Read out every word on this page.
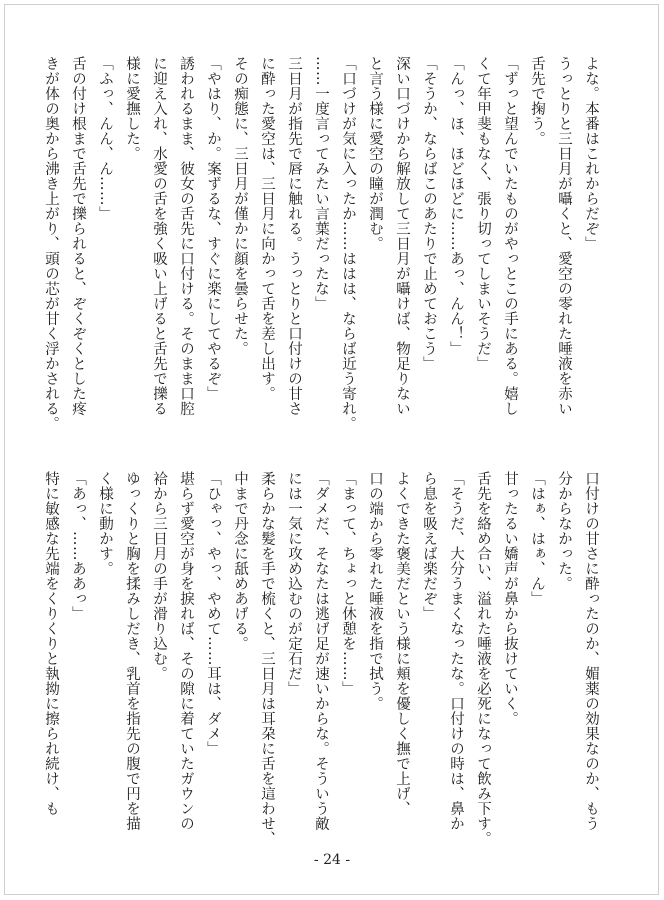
よな。本番はこれからだぞ」
うっとりと三日月が囁くと、愛空の零れた唾液を赤い
舌先で掬う。
「ずっと望んでいたものがやっとこの手にある。嬉し
くて年甲斐もなく、張り切ってしまいそうだ」
「んっ、ほ、ほどほどに……あっ、んん！」
「そうか、ならばこのあたりで止めておこう」
深い口づけから解放して三日月が囁けば、物足りない
と言う様に愛空の瞳が潤む。
「口づけが気に入ったか……ははは、ならば近う寄れ。
……一度言ってみたい言葉だったな」
三日月が指先で唇に触れる。うっとりと口付けの甘さ
に酔った愛空は、三日月に向かって舌を差し出す。
その痴態に、三日月が僅かに顔を曇らせた。
「やはり、か。案ずるな、すぐに楽にしてやるぞ」
誘われるまま、彼女の舌先に口付ける。そのまま口腔
に迎え入れ、水愛の舌を強く吸い上げると舌先で擽る
様に愛撫した。
「ふっ、んん、ん……」
舌の付け根まで舌先で擽られると、ぞくぞくとした疼
きが体の奥から沸き上がり、頭の芯が甘く浮かされる。
口付けの甘さに酔ったのか、媚薬の効果なのか、もう
分からなかった。
「はぁ、はぁ、ん」
甘ったるい嬌声が鼻から抜けていく。
舌先を絡め合い、溢れた唾液を必死になって飲み下す。
「そうだ、大分うまくなったな。口付けの時は、鼻か
ら息を吸えば楽だぞ」
よくできた褒美だという様に頬を優しく撫で上げ、
口の端から零れた唾液を指で拭う。
「まって、ちょっと休憩を……」
「ダメだ、そなたは逃げ足が速いからな。そういう敵
には一気に攻め込むのが定石だ」
柔らかな髪を手で梳くと、三日月は耳朶に舌を這わせ、
中まで丹念に舐めあげる。
「ひゃっ、やっ、やめて……耳は、ダメ」
堪らず愛空が身を捩れば、その隙に着ていたガウンの
袷から三日月の手が滑り込む。
ゆっくりと胸を揉みしだき、乳首を指先の腹で円を描
く様に動かす。
「あっ、……ああっ」
特に敏感な先端をくりくりと執拗に擦られ続け、も
- 24 -
